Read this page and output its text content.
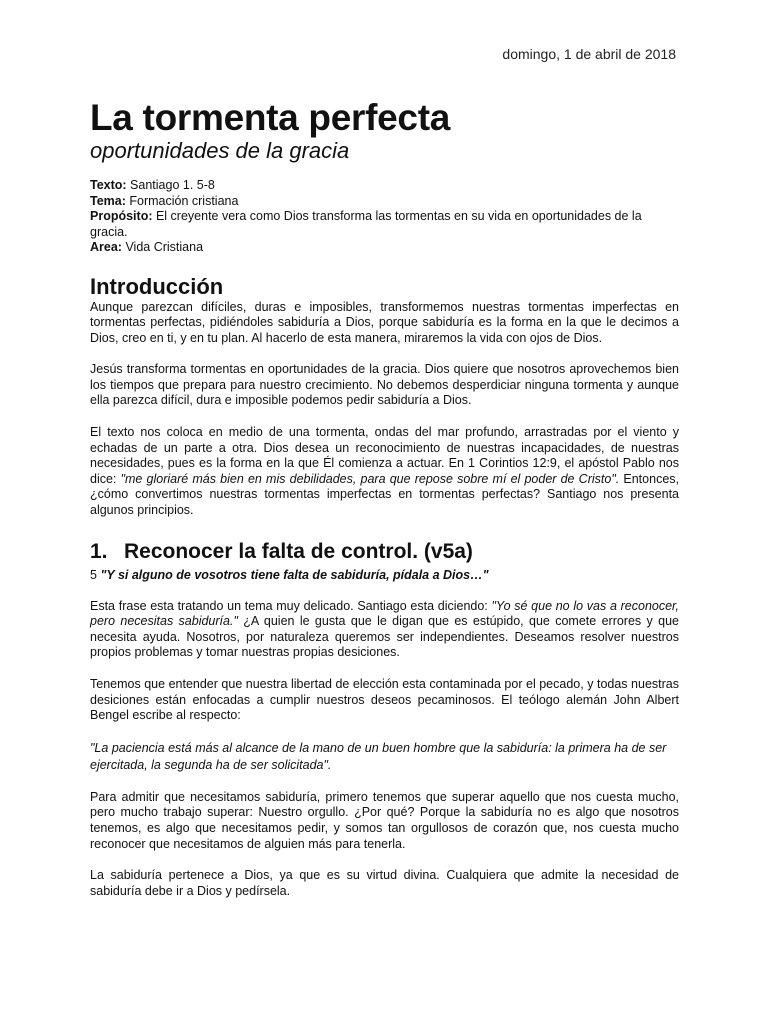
domingo, 1 de abril de 2018
La tormenta perfecta
oportunidades de la gracia
Texto: Santiago 1. 5-8
Tema: Formación cristiana
Propósito: El creyente vera como Dios transforma las tormentas en su vida en oportunidades de la gracia.
Area: Vida Cristiana
Introducción

Aunque parezcan difíciles, duras e imposibles, transformemos nuestras tormentas imperfectas en tormentas perfectas, pidiéndoles sabiduría a Dios, porque sabiduría es la forma en la que le decimos a Dios, creo en ti, y en tu plan. Al hacerlo de esta manera, miraremos la vida con ojos de Dios.

Jesús transforma tormentas en oportunidades de la gracia. Dios quiere que nosotros aprovechemos bien los tiempos que prepara para nuestro crecimiento. No debemos desperdiciar ninguna tormenta y aunque ella parezca difícil, dura e imposible podemos pedir sabiduría a Dios.

El texto nos coloca en medio de una tormenta, ondas del mar profundo, arrastradas por el viento y echadas de un parte a otra. Dios desea un reconocimiento de nuestras incapacidades, de nuestras necesidades, pues es la forma en la que Él comienza a actuar. En 1 Corintios 12:9, el apóstol Pablo nos dice: "me gloriaré más bien en mis debilidades, para que repose sobre mí el poder de Cristo". Entonces, ¿cómo convertimos nuestras tormentas imperfectas en tormentas perfectas? Santiago nos presenta algunos principios.

1. Reconocer la falta de control. (v5a)
5 "Y si alguno de vosotros tiene falta de sabiduría, pídala a Dios…"

Esta frase esta tratando un tema muy delicado. Santiago esta diciendo: "Yo sé que no lo vas a reconocer, pero necesitas sabiduría." ¿A quien le gusta que le digan que es estúpido, que comete errores y que necesita ayuda. Nosotros, por naturaleza queremos ser independientes. Deseamos resolver nuestros propios problemas y tomar nuestras propias desiciones.

Tenemos que entender que nuestra libertad de elección esta contaminada por el pecado, y todas nuestras desiciones están enfocadas a cumplir nuestros deseos pecaminosos. El teólogo alemán John Albert Bengel escribe al respecto:

"La paciencia está más al alcance de la mano de un buen hombre que la sabiduría: la primera ha de ser ejercitada, la segunda ha de ser solicitada".

Para admitir que necesitamos sabiduría, primero tenemos que superar aquello que nos cuesta mucho, pero mucho trabajo superar: Nuestro orgullo. ¿Por qué? Porque la sabiduría no es algo que nosotros tenemos, es algo que necesitamos pedir, y somos tan orgullosos de corazón que, nos cuesta mucho reconocer que necesitamos de alguien más para tenerla.

La sabiduría pertenece a Dios, ya que es su virtud divina. Cualquiera que admite la necesidad de sabiduría debe ir a Dios y pedírsela.
